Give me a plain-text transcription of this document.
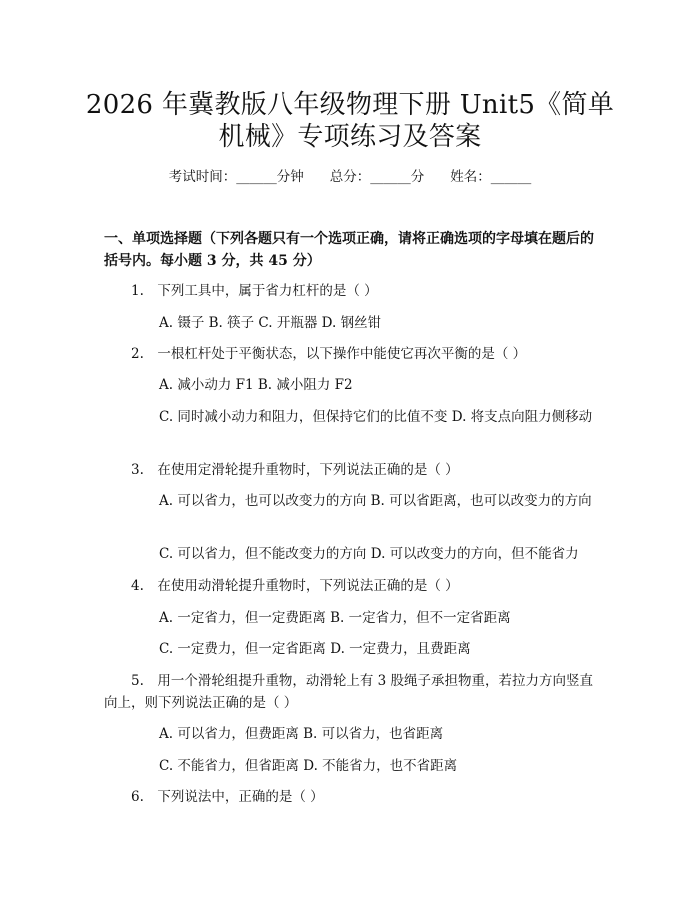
2026 年冀教版八年级物理下册 Unit5《简单
机械》专项练习及答案
考试时间：______分钟 总分：______分 姓名：______
一、单项选择题（下列各题只有一个选项正确，请将正确选项的字母填在题后的括号内。每小题 3 分，共 45 分）
1.　下列工具中，属于省力杠杆的是（ ）
A. 镊子 B. 筷子 C. 开瓶器 D. 钢丝钳
2.　一根杠杆处于平衡状态，以下操作中能使它再次平衡的是（ ）
A. 减小动力 F1 B. 减小阻力 F2
C. 同时减小动力和阻力，但保持它们的比值不变 D. 将支点向阻力侧移动
3.　在使用定滑轮提升重物时，下列说法正确的是（ ）
A. 可以省力，也可以改变力的方向 B. 可以省距离，也可以改变力的方向
C. 可以省力，但不能改变力的方向 D. 可以改变力的方向，但不能省力
4.　在使用动滑轮提升重物时，下列说法正确的是（ ）
A. 一定省力，但一定费距离 B. 一定省力，但不一定省距离
C. 一定费力，但一定省距离 D. 一定费力，且费距离
5.　用一个滑轮组提升重物，动滑轮上有 3 股绳子承担物重，若拉力方向竖直向上，则下列说法正确的是（ ）
A. 可以省力，但费距离 B. 可以省力，也省距离
C. 不能省力，但省距离 D. 不能省力，也不省距离
6.　下列说法中，正确的是（ ）
